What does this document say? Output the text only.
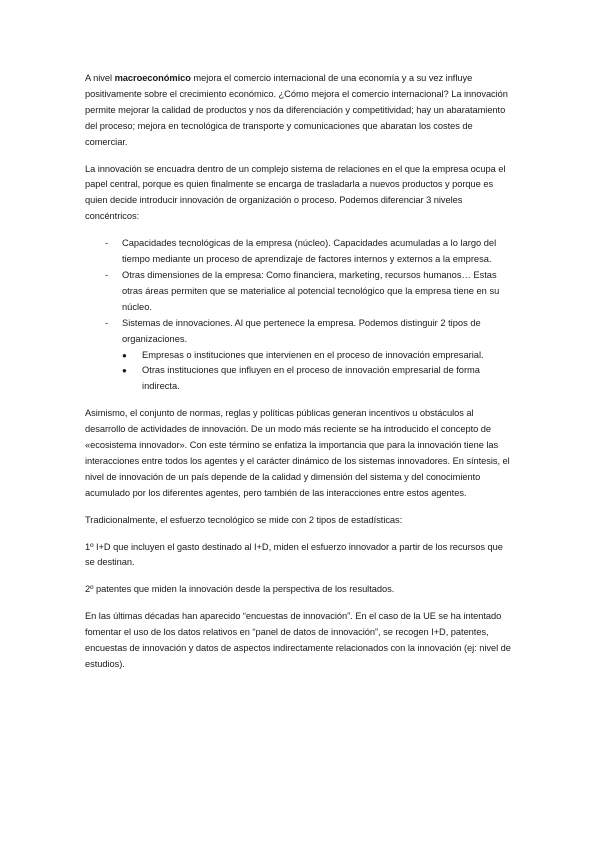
A nivel macroeconómico mejora el comercio internacional de una economía y a su vez influye positivamente sobre el crecimiento económico. ¿Cómo mejora el comercio internacional? La innovación permite mejorar la calidad de productos y nos da diferenciación y competitividad; hay un abaratamiento del proceso; mejora en tecnológica de transporte y comunicaciones que abaratan los costes de comerciar.

La innovación se encuadra dentro de un complejo sistema de relaciones en el que la empresa ocupa el papel central, porque es quien finalmente se encarga de trasladarla a nuevos productos y porque es quien decide introducir innovación de organización o proceso. Podemos diferenciar 3 niveles concéntricos:

- Capacidades tecnológicas de la empresa (núcleo). Capacidades acumuladas a lo largo del tiempo mediante un proceso de aprendizaje de factores internos y externos a la empresa.
- Otras dimensiones de la empresa: Como financiera, marketing, recursos humanos… Estas otras áreas permiten que se materialice al potencial tecnológico que la empresa tiene en su núcleo.
- Sistemas de innovaciones. Al que pertenece la empresa. Podemos distinguir 2 tipos de organizaciones.
● Empresas o instituciones que intervienen en el proceso de innovación empresarial.
● Otras instituciones que influyen en el proceso de innovación empresarial de forma indirecta.

Asimismo, el conjunto de normas, reglas y políticas públicas generan incentivos u obstáculos al desarrollo de actividades de innovación. De un modo más reciente se ha introducido el concepto de «ecosistema innovador». Con este término se enfatiza la importancia que para la innovación tiene las interacciones entre todos los agentes y el carácter dinámico de los sistemas innovadores. En síntesis, el nivel de innovación de un país depende de la calidad y dimensión del sistema y del conocimiento acumulado por los diferentes agentes, pero también de las interacciones entre estos agentes.

Tradicionalmente, el esfuerzo tecnológico se mide con 2 tipos de estadísticas:

1º I+D que incluyen el gasto destinado al I+D, miden el esfuerzo innovador a partir de los recursos que se destinan.

2º patentes que miden la innovación desde la perspectiva de los resultados.

En las últimas décadas han aparecido “encuestas de innovación”. En el caso de la UE se ha intentado fomentar el uso de los datos relativos en “panel de datos de innovación”, se recogen I+D, patentes, encuestas de innovación y datos de aspectos indirectamente relacionados con la innovación (ej: nivel de estudios).
